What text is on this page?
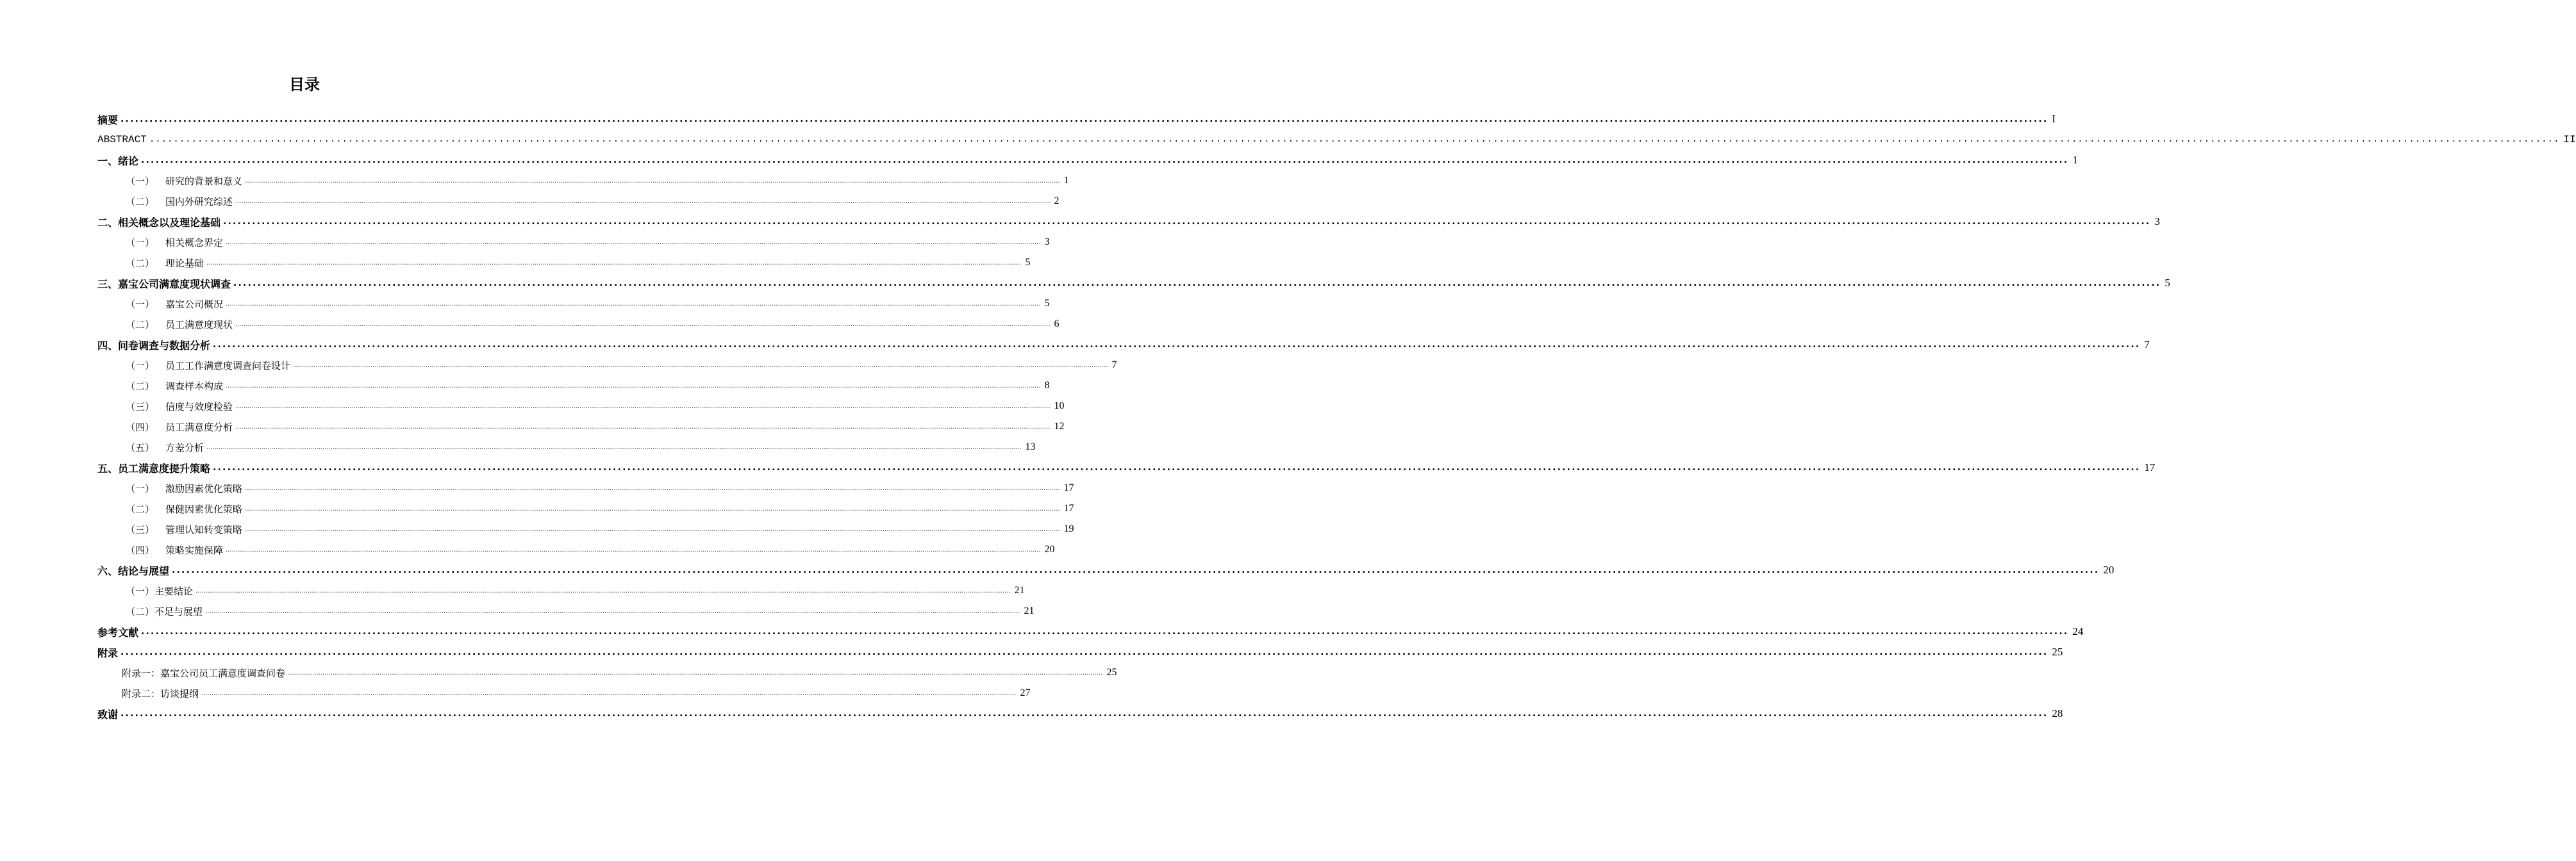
目录
摘要 ................................................................................................................................................................................................................................................................................................................................................................................................................ I
ABSTRACT ................................................................................................................................................................................................................................................................................................................................................................................................................ II
一、绪论 ................................................................................................................................................................................................................................................................................................................................................................................................................ 1
（一） 研究的背景和意义 ................................................................................................................................................................................................................................................................................................................................................................................................................ 1
（二） 国内外研究综述 ................................................................................................................................................................................................................................................................................................................................................................................................................ 2
二、相关概念以及理论基础 ................................................................................................................................................................................................................................................................................................................................................................................................................ 3
（一） 相关概念界定 ................................................................................................................................................................................................................................................................................................................................................................................................................ 3
（二） 理论基础 ................................................................................................................................................................................................................................................................................................................................................................................................................ 5
三、嘉宝公司满意度现状调查 ................................................................................................................................................................................................................................................................................................................................................................................................................ 5
（一） 嘉宝公司概况 ................................................................................................................................................................................................................................................................................................................................................................................................................ 5
（二） 员工满意度现状 ................................................................................................................................................................................................................................................................................................................................................................................................................ 6
四、问卷调查与数据分析 ................................................................................................................................................................................................................................................................................................................................................................................................................ 7
（一） 员工工作满意度调查问卷设计 ................................................................................................................................................................................................................................................................................................................................................................................................................ 7
（二） 调查样本构成 ................................................................................................................................................................................................................................................................................................................................................................................................................ 8
（三） 信度与效度检验 ................................................................................................................................................................................................................................................................................................................................................................................................................ 10
（四） 员工满意度分析 ................................................................................................................................................................................................................................................................................................................................................................................................................ 12
（五） 方差分析 ................................................................................................................................................................................................................................................................................................................................................................................................................ 13
五、员工满意度提升策略 ................................................................................................................................................................................................................................................................................................................................................................................................................ 17
（一） 激励因素优化策略 ................................................................................................................................................................................................................................................................................................................................................................................................................ 17
（二） 保健因素优化策略 ................................................................................................................................................................................................................................................................................................................................................................................................................ 17
（三） 管理认知转变策略 ................................................................................................................................................................................................................................................................................................................................................................................................................ 19
（四） 策略实施保障 ................................................................................................................................................................................................................................................................................................................................................................................................................ 20
六、结论与展望 ................................................................................................................................................................................................................................................................................................................................................................................................................ 20
（一）主要结论 ................................................................................................................................................................................................................................................................................................................................................................................................................ 21
（二）不足与展望 ................................................................................................................................................................................................................................................................................................................................................................................................................ 21
参考文献 ................................................................................................................................................................................................................................................................................................................................................................................................................ 24
附录 ................................................................................................................................................................................................................................................................................................................................................................................................................ 25
附录一：嘉宝公司员工满意度调查问卷 ................................................................................................................................................................................................................................................................................................................................................................................................................ 25
附录二：访谈提纲 ................................................................................................................................................................................................................................................................................................................................................................................................................ 27
致谢 ................................................................................................................................................................................................................................................................................................................................................................................................................ 28
